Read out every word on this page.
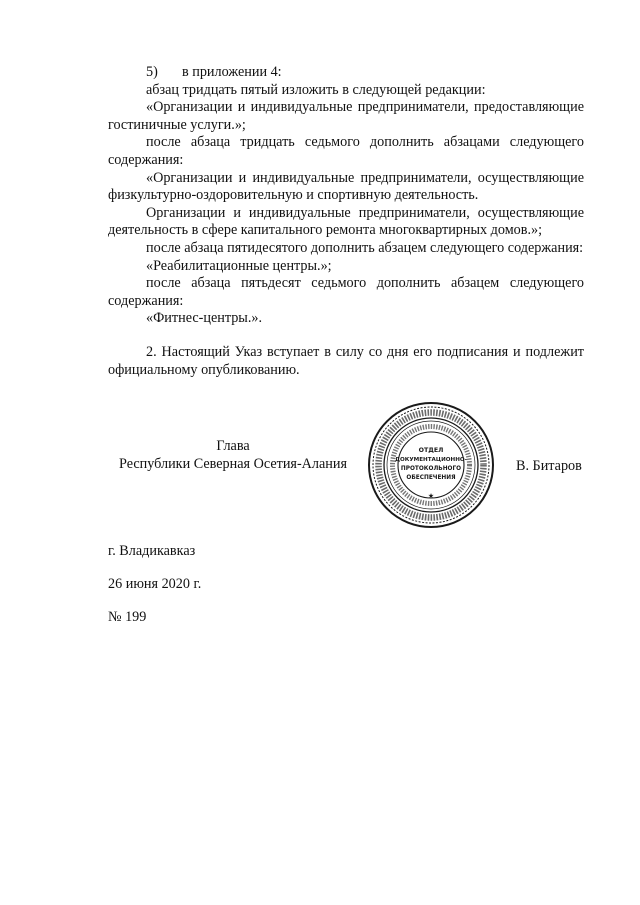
5) в приложении 4:

абзац тридцать пятый изложить в следующей редакции:

«Организации и индивидуальные предприниматели, предоставляющие гостиничные услуги.»;

после абзаца тридцать седьмого дополнить абзацами следующего содержания:

«Организации и индивидуальные предприниматели, осуществляющие физкультурно-оздоровительную и спортивную деятельность.

Организации и индивидуальные предприниматели, осуществляющие деятельность в сфере капитального ремонта многоквартирных домов.»;

после абзаца пятидесятого дополнить абзацем следующего содержания:

«Реабилитационные центры.»;

после абзаца пятьдесят седьмого дополнить абзацем следующего содержания:

«Фитнес-центры.».

2. Настоящий Указ вступает в силу со дня его подписания и подлежит официальному опубликованию.

Глава
Республики Северная Осетия-Алания
ОТДЕЛ
ДОКУМЕНТАЦИОННО-
ПРОТОКОЛЬНОГО
ОБЕСПЕЧЕНИЯ
★
В. Битаров
г. Владикавказ
26 июня 2020 г.
№ 199
